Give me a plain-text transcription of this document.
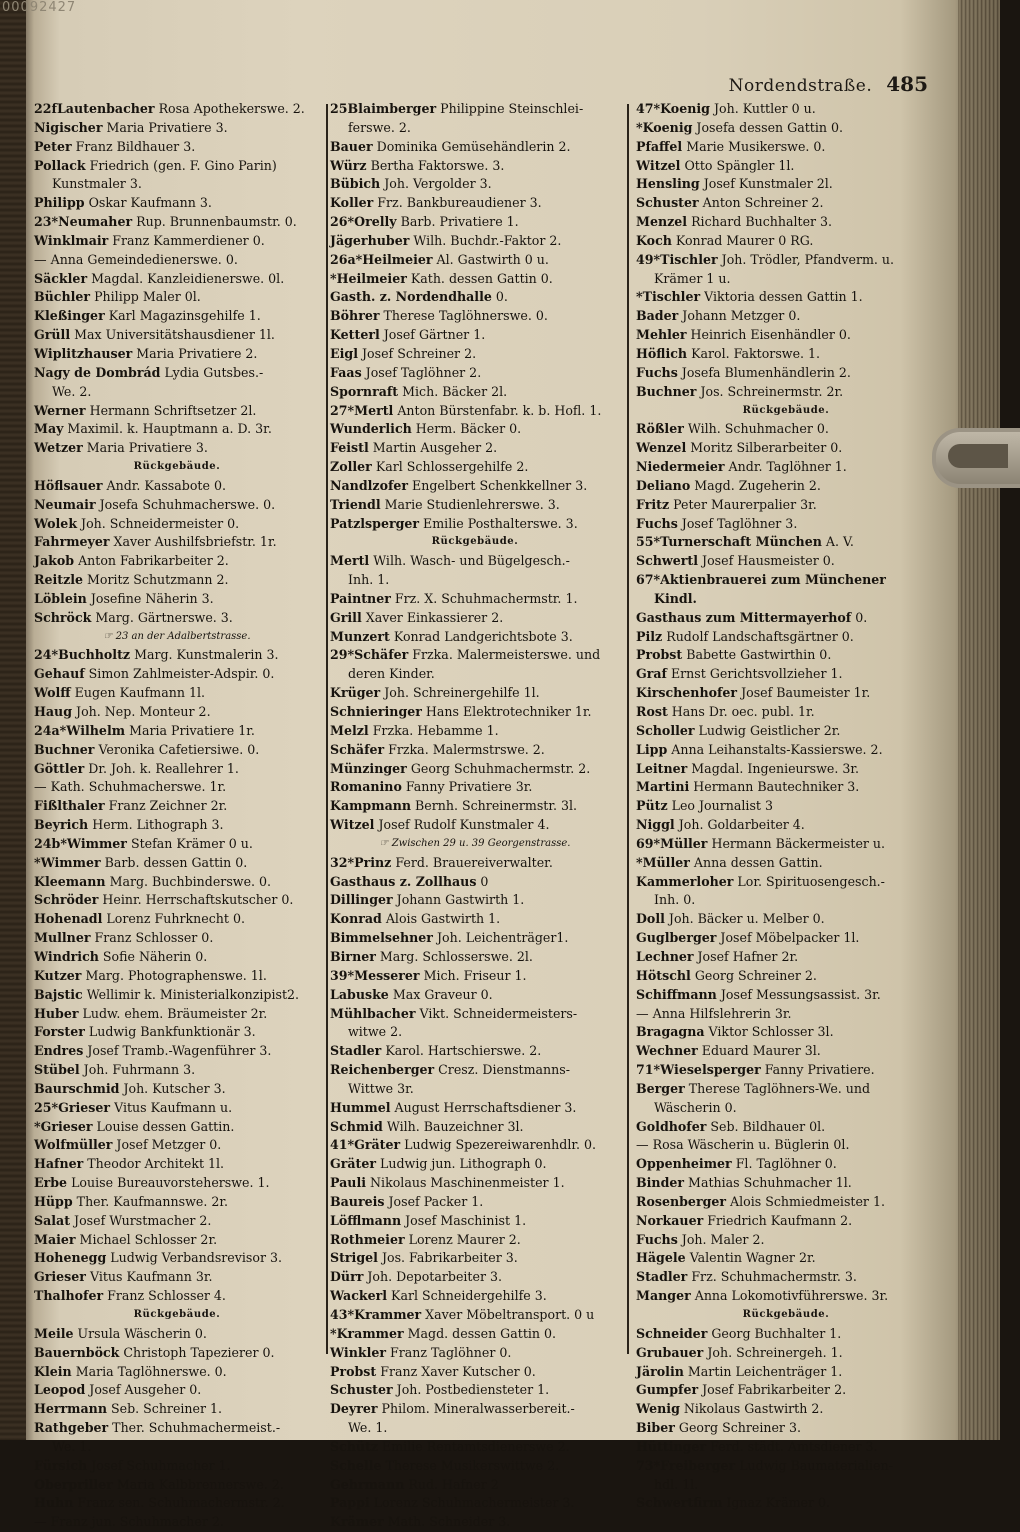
00092427
Nordendstraße. 485
22fLautenbacher Rosa Apothekerswe. 2.
Nigischer Maria Privatiere 3.
Peter Franz Bildhauer 3.
Pollack Friedrich (gen. F. Gino Parin)
Kunstmaler 3.
Philipp Oskar Kaufmann 3.
23*Neumaher Rup. Brunnenbaumstr. 0.
Winklmair Franz Kammerdiener 0.
— Anna Gemeindedienerswe. 0.
Säckler Magdal. Kanzleidienerswe. 0l.
Büchler Philipp Maler 0l.
Kleßinger Karl Magazinsgehilfe 1.
Grüll Max Universitätshausdiener 1l.
Wiplitzhauser Maria Privatiere 2.
Nagy de Dombrád Lydia Gutsbes.-
We. 2.
Werner Hermann Schriftsetzer 2l.
May Maximil. k. Hauptmann a. D. 3r.
Wetzer Maria Privatiere 3.
Rückgebäude.
Höflsauer Andr. Kassabote 0.
Neumair Josefa Schuhmacherswe. 0.
Wolek Joh. Schneidermeister 0.
Fahrmeyer Xaver Aushilfsbriefstr. 1r.
Jakob Anton Fabrikarbeiter 2.
Reitzle Moritz Schutzmann 2.
Löblein Josefine Näherin 3.
Schröck Marg. Gärtnerswe. 3.
☞ 23 an der Adalbertstrasse.
24*Buchholtz Marg. Kunstmalerin 3.
Gehauf Simon Zahlmeister-Adspir. 0.
Wolff Eugen Kaufmann 1l.
Haug Joh. Nep. Monteur 2.
24a*Wilhelm Maria Privatiere 1r.
Buchner Veronika Cafetiersiwe. 0.
Göttler Dr. Joh. k. Reallehrer 1.
— Kath. Schuhmacherswe. 1r.
Fißlthaler Franz Zeichner 2r.
Beyrich Herm. Lithograph 3.
24b*Wimmer Stefan Krämer 0 u.
*Wimmer Barb. dessen Gattin 0.
Kleemann Marg. Buchbinderswe. 0.
Schröder Heinr. Herrschaftskutscher 0.
Hohenadl Lorenz Fuhrknecht 0.
Mullner Franz Schlosser 0.
Windrich Sofie Näherin 0.
Kutzer Marg. Photographenswe. 1l.
Bajstic Wellimir k. Ministerialkonzipist2.
Huber Ludw. ehem. Bräumeister 2r.
Forster Ludwig Bankfunktionär 3.
Endres Josef Tramb.-Wagenführer 3.
Stübel Joh. Fuhrmann 3.
Baurschmid Joh. Kutscher 3.
25*Grieser Vitus Kaufmann u.
*Grieser Louise dessen Gattin.
Wolfmüller Josef Metzger 0.
Hafner Theodor Architekt 1l.
Erbe Louise Bureauvorsteherswe. 1.
Hüpp Ther. Kaufmannswe. 2r.
Salat Josef Wurstmacher 2.
Maier Michael Schlosser 2r.
Hohenegg Ludwig Verbandsrevisor 3.
Grieser Vitus Kaufmann 3r.
Thalhofer Franz Schlosser 4.
Rückgebäude.
Meile Ursula Wäscherin 0.
Bauernböck Christoph Tapezierer 0.
Klein Maria Taglöhnerswe. 0.
Leopod Josef Ausgeher 0.
Herrmann Seb. Schreiner 1.
Rathgeber Ther. Schuhmachermeist.-
We. 1.
Fürsich Josef Schuhmacher 1.
Oberpriller Maria Kalbbrennerswe. 2.
Huhn Franz sen. Schuhmachermstr. 2.
— Franz jun. Schuhmacher 2.
25Blaimberger Philippine Steinschlei-
ferswe. 2.
Bauer Dominika Gemüsehändlerin 2.
Würz Bertha Faktorswe. 3.
Bübich Joh. Vergolder 3.
Koller Frz. Bankbureaudiener 3.
26*Orelly Barb. Privatiere 1.
Jägerhuber Wilh. Buchdr.-Faktor 2.
26a*Heilmeier Al. Gastwirth 0 u.
*Heilmeier Kath. dessen Gattin 0.
Gasth. z. Nordendhalle 0.
Böhrer Therese Taglöhnerswe. 0.
Ketterl Josef Gärtner 1.
Eigl Josef Schreiner 2.
Faas Josef Taglöhner 2.
Spornraft Mich. Bäcker 2l.
27*Mertl Anton Bürstenfabr. k. b. Hofl. 1.
Wunderlich Herm. Bäcker 0.
Feistl Martin Ausgeher 2.
Zoller Karl Schlossergehilfe 2.
Nandlzofer Engelbert Schenkkellner 3.
Triendl Marie Studienlehrerswe. 3.
Patzlsperger Emilie Posthalterswe. 3.
Rückgebäude.
Mertl Wilh. Wasch- und Bügelgesch.-
Inh. 1.
Paintner Frz. X. Schuhmachermstr. 1.
Grill Xaver Einkassierer 2.
Munzert Konrad Landgerichtsbote 3.
29*Schäfer Frzka. Malermeisterswe. und
deren Kinder.
Krüger Joh. Schreinergehilfe 1l.
Schnieringer Hans Elektrotechniker 1r.
Melzl Frzka. Hebamme 1.
Schäfer Frzka. Malermstrswe. 2.
Münzinger Georg Schuhmachermstr. 2.
Romanino Fanny Privatiere 3r.
Kampmann Bernh. Schreinermstr. 3l.
Witzel Josef Rudolf Kunstmaler 4.
☞ Zwischen 29 u. 39 Georgenstrasse.
32*Prinz Ferd. Brauereiverwalter.
Gasthaus z. Zollhaus 0
Dillinger Johann Gastwirth 1.
Konrad Alois Gastwirth 1.
Bimmelsehner Joh. Leichenträger1.
Birner Marg. Schlosserswe. 2l.
39*Messerer Mich. Friseur 1.
Labuske Max Graveur 0.
Mühlbacher Vikt. Schneidermeisters-
witwe 2.
Stadler Karol. Hartschierswe. 2.
Reichenberger Cresz. Dienstmanns-
Wittwe 3r.
Hummel August Herrschaftsdiener 3.
Schmid Wilh. Bauzeichner 3l.
41*Gräter Ludwig Spezereiwarenhdlr. 0.
Gräter Ludwig jun. Lithograph 0.
Pauli Nikolaus Maschinenmeister 1.
Baureis Josef Packer 1.
Löfflmann Josef Maschinist 1.
Rothmeier Lorenz Maurer 2.
Strigel Jos. Fabrikarbeiter 3.
Dürr Joh. Depotarbeiter 3.
Wackerl Karl Schneidergehilfe 3.
43*Krammer Xaver Möbeltransport. 0 u
*Krammer Magd. dessen Gattin 0.
Winkler Franz Taglöhner 0.
Probst Franz Xaver Kutscher 0.
Schuster Joh. Postbediensteter 1.
Deyrer Philom. Mineralwasserbereit.-
We. 1.
Schütz Emilie Rentamtsdienerswe 2.
Schelle Therese Musikerswittwe 2.
Gehrmann Rud. Hafner 2
Pappi Lorenz Schuhmachermeister 3.
Krämer Math. Schneider 3.
47*Koenig Joh. Kuttler 0 u.
*Koenig Josefa dessen Gattin 0.
Pfaffel Marie Musikerswe. 0.
Witzel Otto Spängler 1l.
Hensling Josef Kunstmaler 2l.
Schuster Anton Schreiner 2.
Menzel Richard Buchhalter 3.
Koch Konrad Maurer 0 RG.
49*Tischler Joh. Trödler, Pfandverm. u.
Krämer 1 u.
*Tischler Viktoria dessen Gattin 1.
Bader Johann Metzger 0.
Mehler Heinrich Eisenhändler 0.
Höflich Karol. Faktorswe. 1.
Fuchs Josefa Blumenhändlerin 2.
Buchner Jos. Schreinermstr. 2r.
Rückgebäude.
Rößler Wilh. Schuhmacher 0.
Wenzel Moritz Silberarbeiter 0.
Niedermeier Andr. Taglöhner 1.
Deliano Magd. Zugeherin 2.
Fritz Peter Maurerpalier 3r.
Fuchs Josef Taglöhner 3.
55*Turnerschaft München A. V.
Schwertl Josef Hausmeister 0.
67*Aktienbrauerei zum Münchener
Kindl.
Gasthaus zum Mittermayerhof 0.
Pilz Rudolf Landschaftsgärtner 0.
Probst Babette Gastwirthin 0.
Graf Ernst Gerichtsvollzieher 1.
Kirschenhofer Josef Baumeister 1r.
Rost Hans Dr. oec. publ. 1r.
Scholler Ludwig Geistlicher 2r.
Lipp Anna Leihanstalts-Kassierswe. 2.
Leitner Magdal. Ingenieurswe. 3r.
Martini Hermann Bautechniker 3.
Pütz Leo Journalist 3
Niggl Joh. Goldarbeiter 4.
69*Müller Hermann Bäckermeister u.
*Müller Anna dessen Gattin.
Kammerloher Lor. Spirituosengesch.-
Inh. 0.
Doll Joh. Bäcker u. Melber 0.
Guglberger Josef Möbelpacker 1l.
Lechner Josef Hafner 2r.
Hötschl Georg Schreiner 2.
Schiffmann Josef Messungsassist. 3r.
— Anna Hilfslehrerin 3r.
Bragagna Viktor Schlosser 3l.
Wechner Eduard Maurer 3l.
71*Wieselsperger Fanny Privatiere.
Berger Therese Taglöhners-We. und
Wäscherin 0.
Goldhofer Seb. Bildhauer 0l.
— Rosa Wäscherin u. Büglerin 0l.
Oppenheimer Fl. Taglöhner 0.
Binder Mathias Schuhmacher 1l.
Rosenberger Alois Schmiedmeister 1.
Norkauer Friedrich Kaufmann 2.
Fuchs Joh. Maler 2.
Hägele Valentin Wagner 2r.
Stadler Frz. Schuhmachermstr. 3.
Manger Anna Lokomotivführerswe. 3r.
Rückgebäude.
Schneider Georg Buchhalter 1.
Grubauer Joh. Schreinergeh. 1.
Järolin Martin Leichenträger 1.
Gumpfer Josef Fabrikarbeiter 2.
Wenig Nikolaus Gastwirth 2.
Biber Georg Schreiner 3.
Hüttinger Ferd. städt. Amtsdiener 3.
73*Freiberger Ludwig Baumaterialien-
hdl. 1l.
Schwertfirm Ignaz Krämer 0.
